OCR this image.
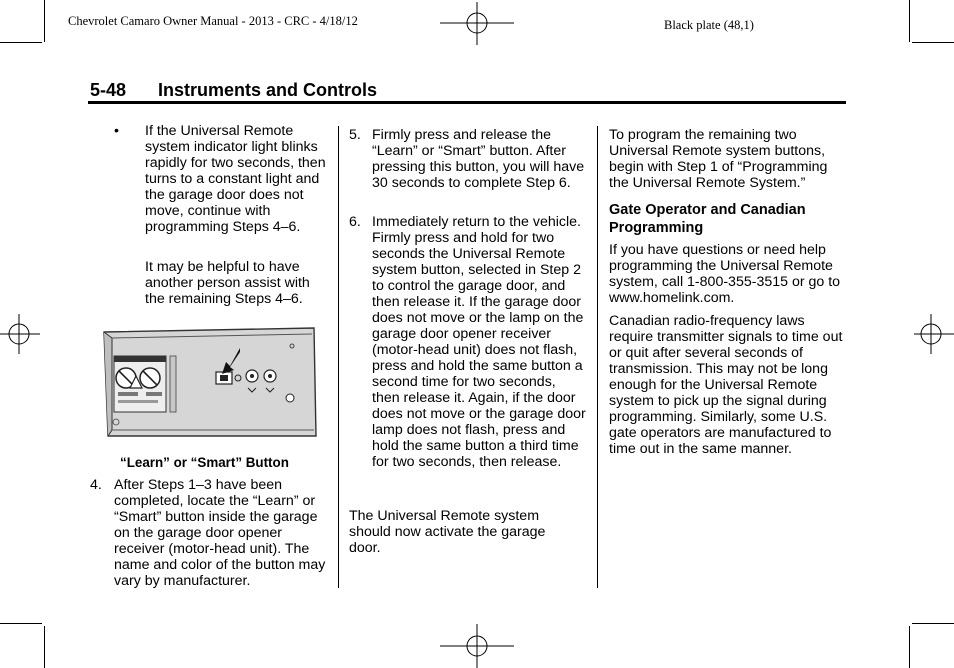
Chevrolet Camaro Owner Manual - 2013 - CRC - 4/18/12	Black plate (48,1)
5-48 Instruments and Controls
• If the Universal Remote system indicator light blinks rapidly for two seconds, then turns to a constant light and the garage door does not move, continue with programming Steps 4–6.

It may be helpful to have another person assist with the remaining Steps 4–6.

“Learn” or “Smart” Button
4. After Steps 1–3 have been completed, locate the “Learn” or “Smart” button inside the garage on the garage door opener receiver (motor-head unit). The name and color of the button may vary by manufacturer.

5. Firmly press and release the “Learn” or “Smart” button. After pressing this button, you will have 30 seconds to complete Step 6.

6. Immediately return to the vehicle. Firmly press and hold for two seconds the Universal Remote system button, selected in Step 2 to control the garage door, and then release it. If the garage door does not move or the lamp on the garage door opener receiver (motor-head unit) does not flash, press and hold the same button a second time for two seconds, then release it. Again, if the door does not move or the garage door lamp does not flash, press and hold the same button a third time for two seconds, then release.

The Universal Remote system should now activate the garage door.

To program the remaining two Universal Remote system buttons, begin with Step 1 of “Programming the Universal Remote System.”

Gate Operator and Canadian Programming

If you have questions or need help programming the Universal Remote system, call 1-800-355-3515 or go to www.homelink.com.

Canadian radio-frequency laws require transmitter signals to time out or quit after several seconds of transmission. This may not be long enough for the Universal Remote system to pick up the signal during programming. Similarly, some U.S. gate operators are manufactured to time out in the same manner.
